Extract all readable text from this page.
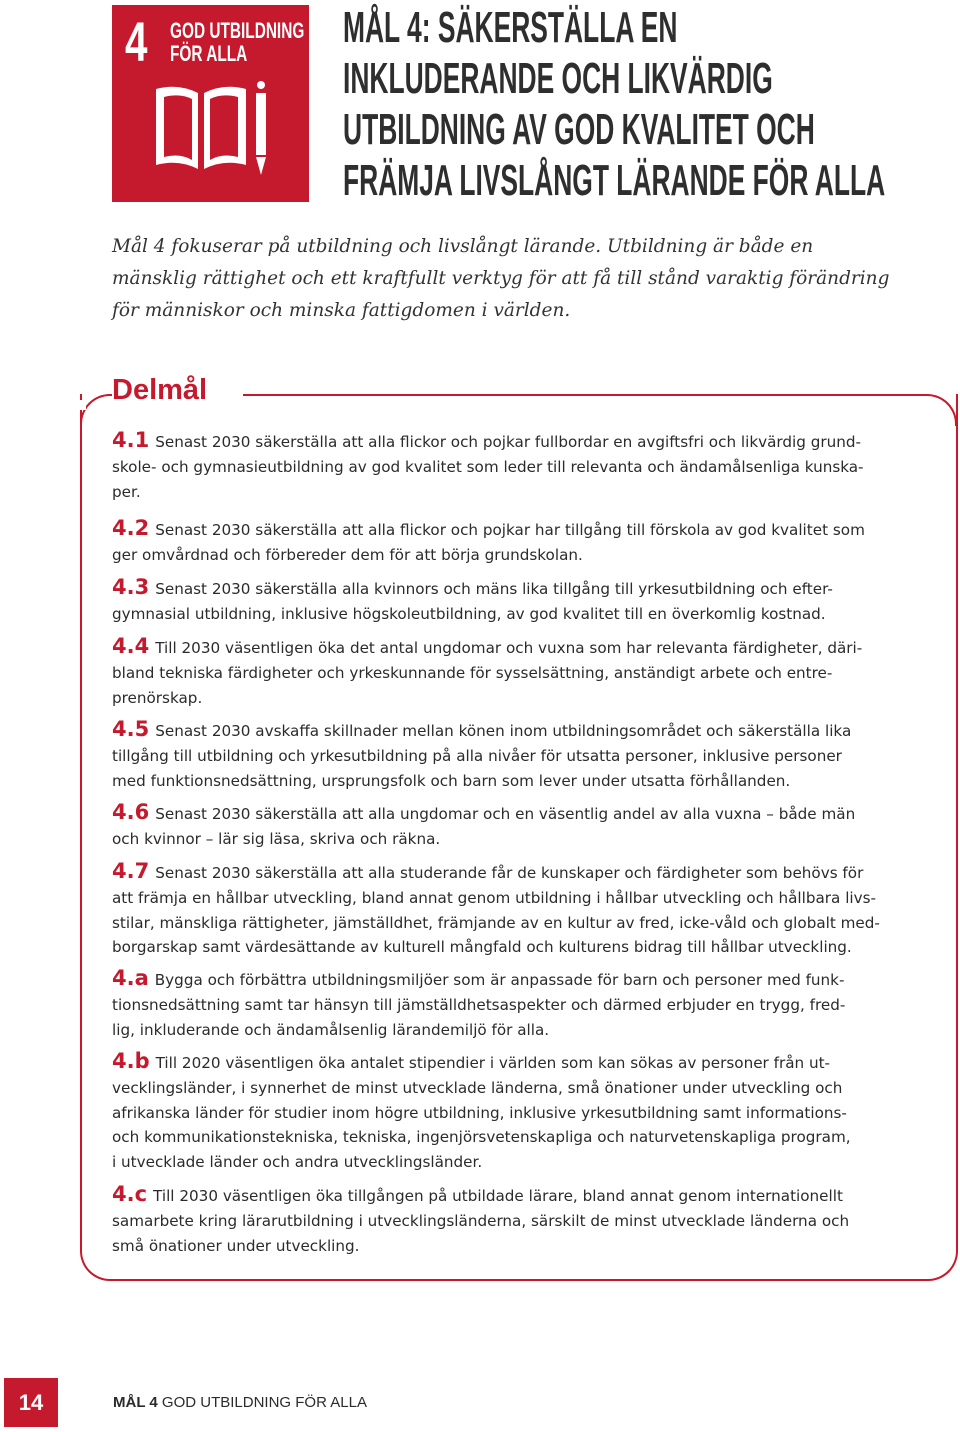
4 GOD UTBILDNING
FÖR ALLA
MÅL 4: SÄKERSTÄLLA EN
INKLUDERANDE OCH LIKVÄRDIG
UTBILDNING AV GOD KVALITET OCH
FRÄMJA LIVSLÅNGT LÄRANDE FÖR ALLA
Mål 4 fokuserar på utbildning och livslångt lärande. Utbildning är både en
mänsklig rättighet och ett kraftfullt verktyg för att få till stånd varaktig förändring
för människor och minska fattigdomen i världen.
Delmål
4.1 Senast 2030 säkerställa att alla flickor och pojkar fullbordar en avgiftsfri och likvärdig grund-
skole- och gymnasieutbildning av god kvalitet som leder till relevanta och ändamålsenliga kunska-
per.
4.2 Senast 2030 säkerställa att alla flickor och pojkar har tillgång till förskola av god kvalitet som
ger omvårdnad och förbereder dem för att börja grundskolan.
4.3 Senast 2030 säkerställa alla kvinnors och mäns lika tillgång till yrkesutbildning och efter-
gymnasial utbildning, inklusive högskoleutbildning, av god kvalitet till en överkomlig kostnad.
4.4 Till 2030 väsentligen öka det antal ungdomar och vuxna som har relevanta färdigheter, däri-
bland tekniska färdigheter och yrkeskunnande för sysselsättning, anständigt arbete och entre-
prenörskap.
4.5 Senast 2030 avskaffa skillnader mellan könen inom utbildningsområdet och säkerställa lika
tillgång till utbildning och yrkesutbildning på alla nivåer för utsatta personer, inklusive personer
med funktionsnedsättning, ursprungsfolk och barn som lever under utsatta förhållanden.
4.6 Senast 2030 säkerställa att alla ungdomar och en väsentlig andel av alla vuxna – både män
och kvinnor – lär sig läsa, skriva och räkna.
4.7 Senast 2030 säkerställa att alla studerande får de kunskaper och färdigheter som behövs för
att främja en hållbar utveckling, bland annat genom utbildning i hållbar utveckling och hållbara livs-
stilar, mänskliga rättigheter, jämställdhet, främjande av en kultur av fred, icke-våld och globalt med-
borgarskap samt värdesättande av kulturell mångfald och kulturens bidrag till hållbar utveckling.
4.a Bygga och förbättra utbildningsmiljöer som är anpassade för barn och personer med funk-
tionsnedsättning samt tar hänsyn till jämställdhetsaspekter och därmed erbjuder en trygg, fred-
lig, inkluderande och ändamålsenlig lärandemiljö för alla.
4.b Till 2020 väsentligen öka antalet stipendier i världen som kan sökas av personer från ut-
vecklingsländer, i synnerhet de minst utvecklade länderna, små önationer under utveckling och
afrikanska länder för studier inom högre utbildning, inklusive yrkesutbildning samt informations-
och kommunikationstekniska, tekniska, ingenjörsvetenskapliga och naturvetenskapliga program,
i utvecklade länder och andra utvecklingsländer.
4.c Till 2030 väsentligen öka tillgången på utbildade lärare, bland annat genom internationellt
samarbete kring lärarutbildning i utvecklingsländerna, särskilt de minst utvecklade länderna och
små önationer under utveckling.
14	MÅL 4 GOD UTBILDNING FÖR ALLA
